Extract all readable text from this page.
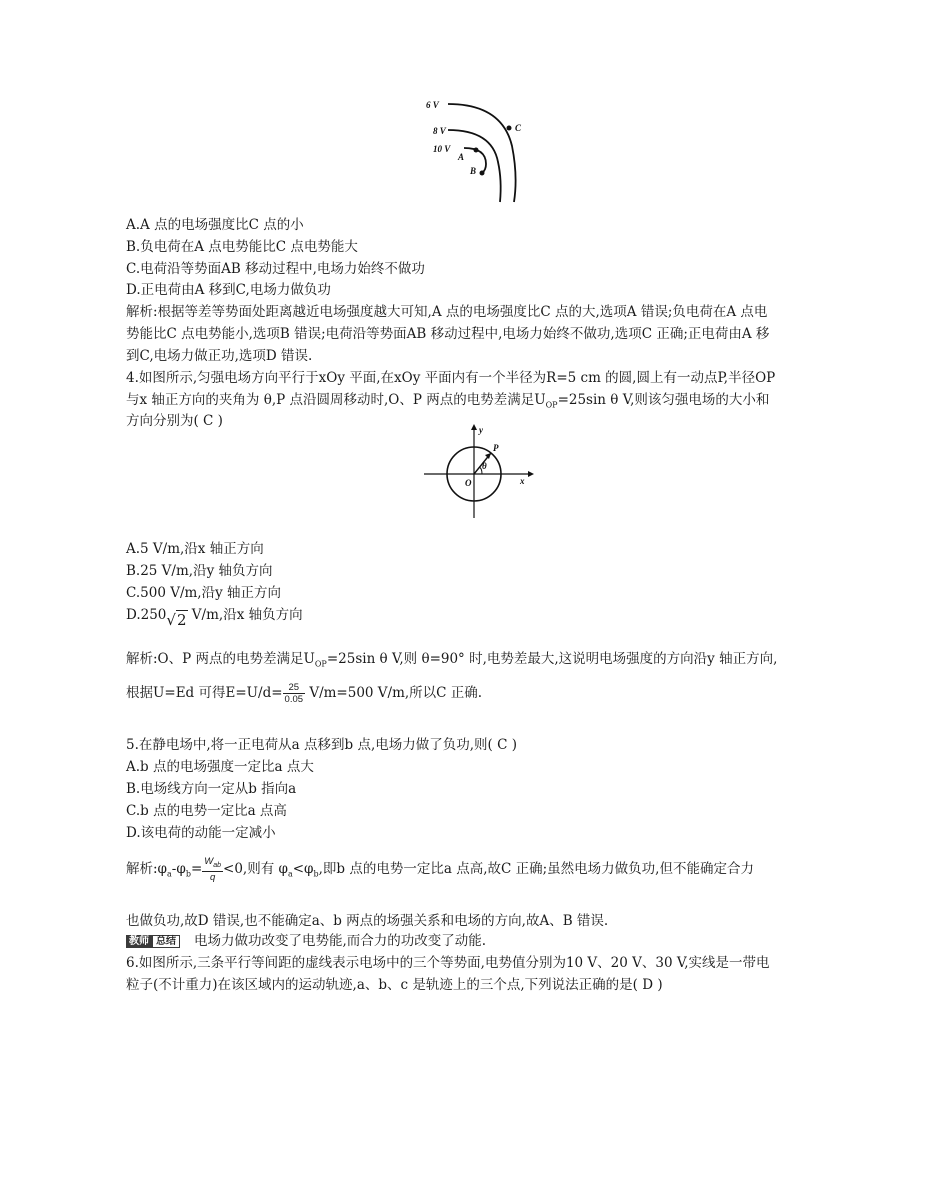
6 V
8 V
10 V
A
B
C
A.A 点的电场强度比C 点的小
B.负电荷在A 点电势能比C 点电势能大
C.电荷沿等势面AB 移动过程中,电场力始终不做功
D.正电荷由A 移到C,电场力做负功
解析:根据等差等势面处距离越近电场强度越大可知,A 点的电场强度比C 点的大,选项A 错误;负电荷在A 点电
势能比C 点电势能小,选项B 错误;电荷沿等势面AB 移动过程中,电场力始终不做功,选项C 正确;正电荷由A 移
到C,电场力做正功,选项D 错误.
4.如图所示,匀强电场方向平行于xOy 平面,在xOy 平面内有一个半径为R=5 cm 的圆,圆上有一动点P,半径OP
与x 轴正方向的夹角为 θ,P 点沿圆周移动时,O、P 两点的电势差满足$U_{OP}=25\sin$ θ V,则该匀强电场的大小和
方向分别为( C )
y
P
θ
O	x
A.5 V/m,沿x 轴正方向
B.25 V/m,沿y 轴负方向
C.500 V/m,沿y 轴正方向
D.250√2 V/m,沿x 轴负方向
解析:O、P 两点的电势差满足$U_{OP}=25\sin$ θ V,则 θ=90° 时,电势差最大,这说明电场强度的方向沿y 轴正方向,
根据U=Ed 可得$E=U/d= \frac{25}{0.05} V/m=500$ V/m,所以C 正确.
5.在静电场中,将一正电荷从a 点移到b 点,电场力做了负功,则( C )
A.b 点的电场强度一定比a 点大
B.电场线方向一定从b 指向a
C.b 点的电势一定比a 点高
D.该电荷的动能一定减小
解析$:\varphi_a-\varphi_b= \frac{W_{ab}}{q} <0$,则有 $\varphi_a<\varphi_b$,即b 点的电势一定比a 点高,故C 正确;虽然电场力做负功,但不能确定合力
也做负功,故D 错误,也不能确定a、b 两点的场强关系和电场的方向,故A、B 错误.
教师 总结 电场力做功改变了电势能,而合力的功改变了动能.
6.如图所示,三条平行等间距的虚线表示电场中的三个等势面,电势值分别为10 V、20 V、30 V,实线是一带电
粒子(不计重力)在该区域内的运动轨迹,a、b、c 是轨迹上的三个点,下列说法正确的是( D )
